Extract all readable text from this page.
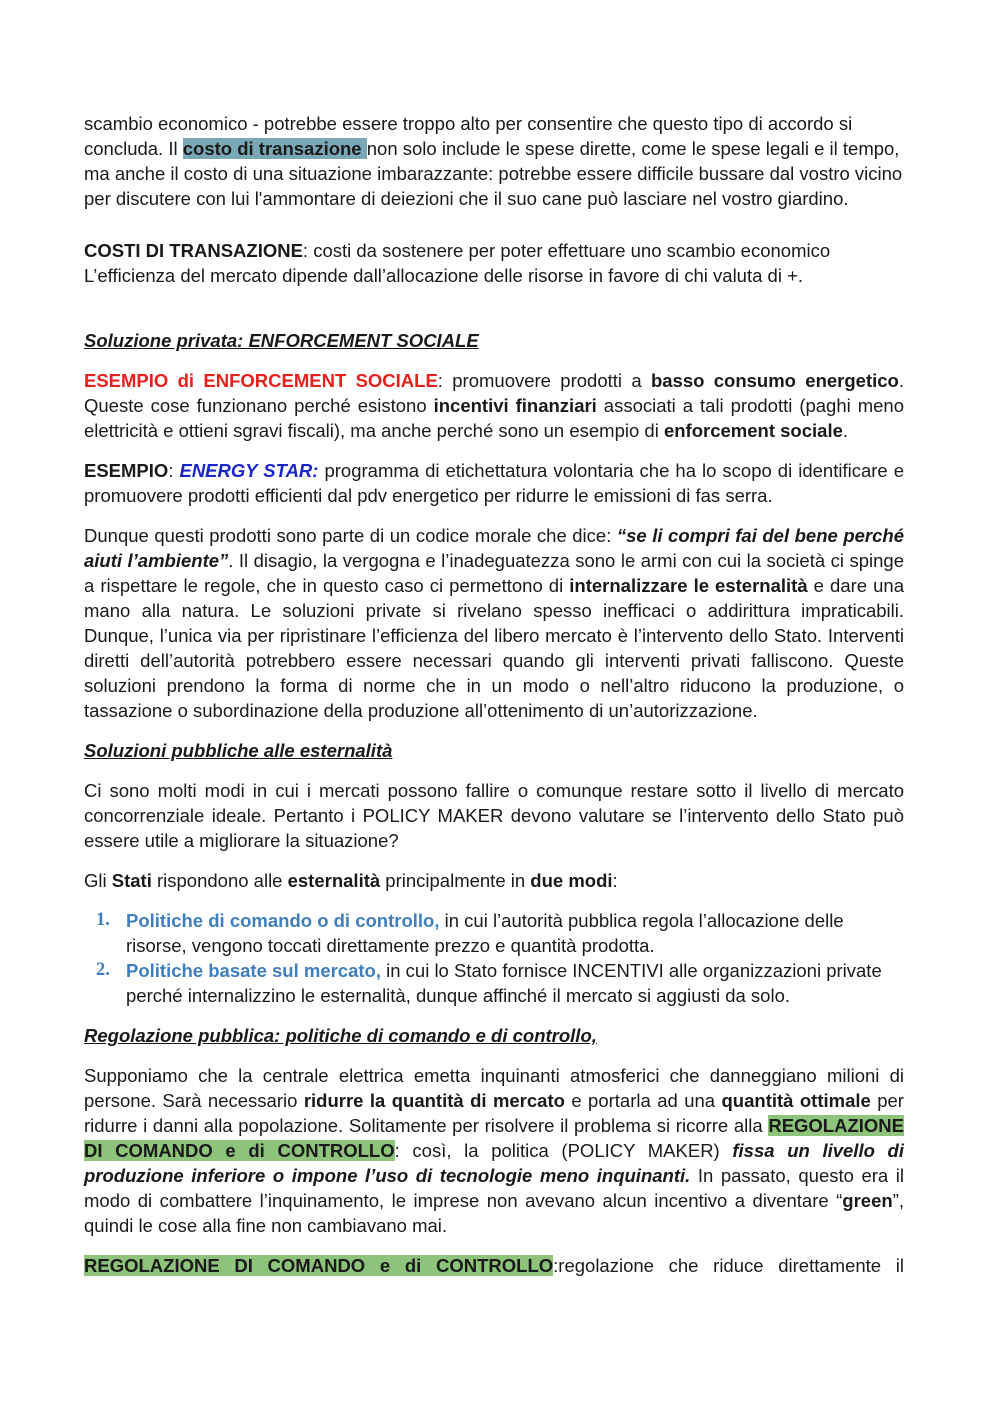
scambio economico - potrebbe essere troppo alto per consentire che questo tipo di accordo si concluda. Il costo di transazione non solo include le spese dirette, come le spese legali e il tempo, ma anche il costo di una situazione imbarazzante: potrebbe essere difficile bussare dal vostro vicino per discutere con lui l'ammontare di deiezioni che il suo cane può lasciare nel vostro giardino.

COSTI DI TRANSAZIONE: costi da sostenere per poter effettuare uno scambio economico
L’efficienza del mercato dipende dall’allocazione delle risorse in favore di chi valuta di +.

Soluzione privata: ENFORCEMENT SOCIALE

ESEMPIO di ENFORCEMENT SOCIALE: promuovere prodotti a basso consumo energetico. Queste cose funzionano perché esistono incentivi finanziari associati a tali prodotti (paghi meno elettricità e ottieni sgravi fiscali), ma anche perché sono un esempio di enforcement sociale.

ESEMPIO: ENERGY STAR: programma di etichettatura volontaria che ha lo scopo di identificare e promuovere prodotti efficienti dal pdv energetico per ridurre le emissioni di fas serra.

Dunque questi prodotti sono parte di un codice morale che dice: “se li compri fai del bene perché aiuti l’ambiente”. Il disagio, la vergogna e l’inadeguatezza sono le armi con cui la società ci spinge a rispettare le regole, che in questo caso ci permettono di internalizzare le esternalità e dare una mano alla natura. Le soluzioni private si rivelano spesso inefficaci o addirittura impraticabili. Dunque, l’unica via per ripristinare l’efficienza del libero mercato è l’intervento dello Stato. Interventi diretti dell’autorità potrebbero essere necessari quando gli interventi privati falliscono. Queste soluzioni prendono la forma di norme che in un modo o nell’altro riducono la produzione, o tassazione o subordinazione della produzione all’ottenimento di un’autorizzazione.

Soluzioni pubbliche alle esternalità

Ci sono molti modi in cui i mercati possono fallire o comunque restare sotto il livello di mercato concorrenziale ideale. Pertanto i POLICY MAKER devono valutare se l’intervento dello Stato può essere utile a migliorare la situazione?

Gli Stati rispondono alle esternalità principalmente in due modi:

1. Politiche di comando o di controllo, in cui l’autorità pubblica regola l’allocazione delle risorse, vengono toccati direttamente prezzo e quantità prodotta.
2. Politiche basate sul mercato, in cui lo Stato fornisce INCENTIVI alle organizzazioni private perché internalizzino le esternalità, dunque affinché il mercato si aggiusti da solo.

Regolazione pubblica: politiche di comando e di controllo,

Supponiamo che la centrale elettrica emetta inquinanti atmosferici che danneggiano milioni di persone. Sarà necessario ridurre la quantità di mercato e portarla ad una quantità ottimale per ridurre i danni alla popolazione. Solitamente per risolvere il problema si ricorre alla REGOLAZIONE DI COMANDO e di CONTROLLO: così, la politica (POLICY MAKER) fissa un livello di produzione inferiore o impone l’uso di tecnologie meno inquinanti. In passato, questo era il modo di combattere l’inquinamento, le imprese non avevano alcun incentivo a diventare “green”, quindi le cose alla fine non cambiavano mai.

REGOLAZIONE DI COMANDO e di CONTROLLO:regolazione che riduce direttamente il
